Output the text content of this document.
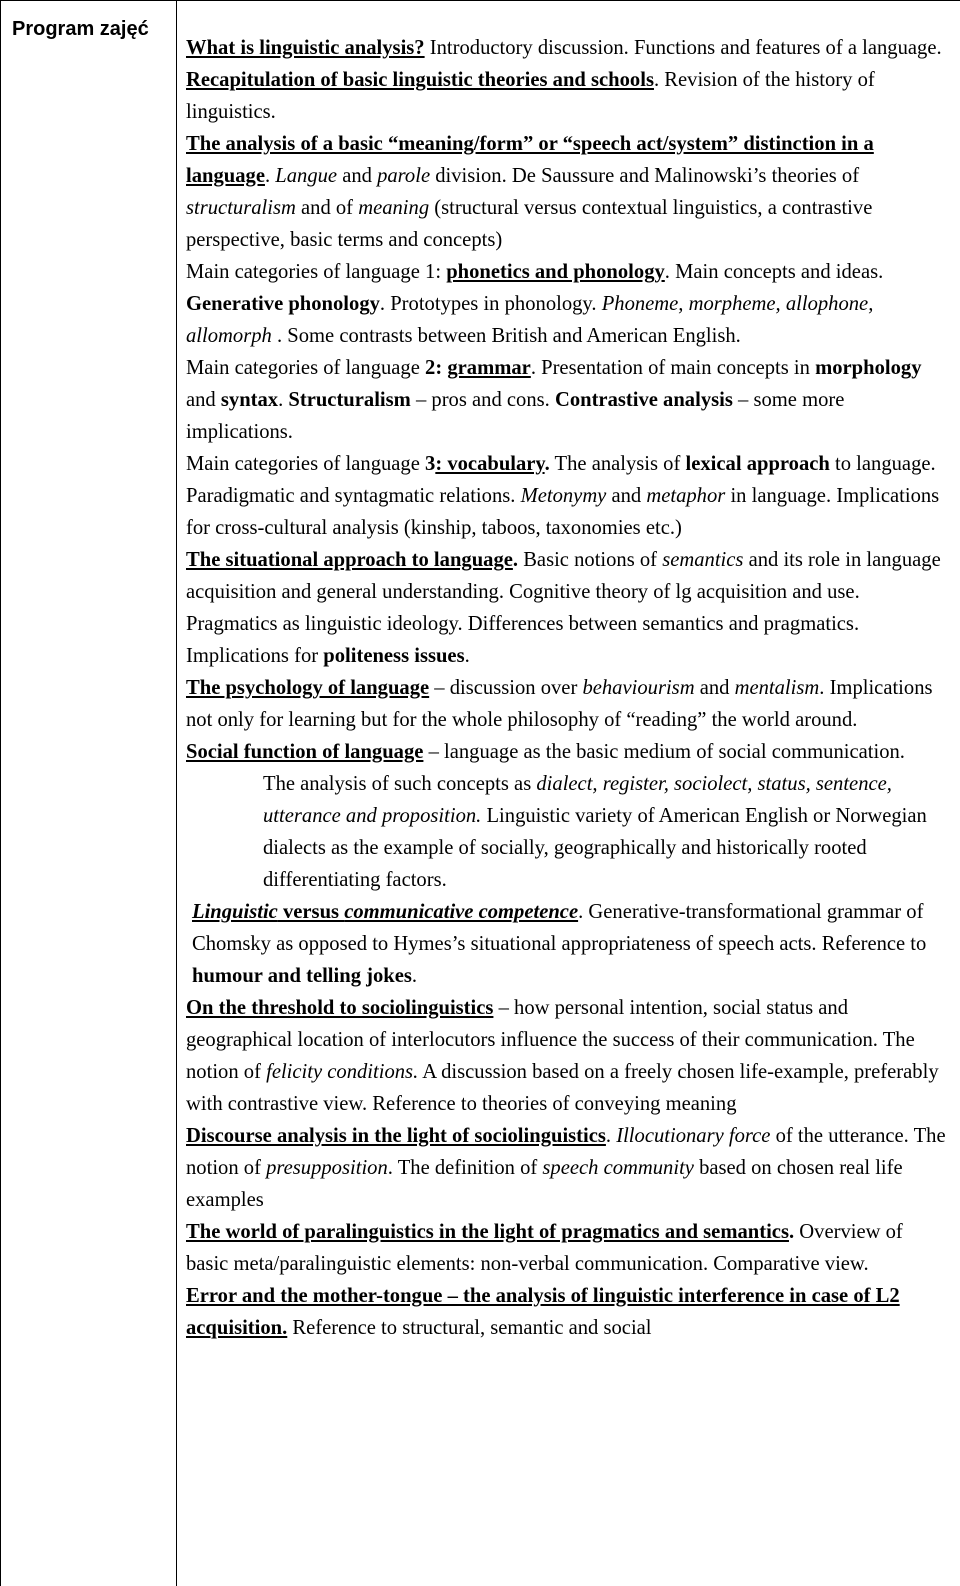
Program zajęć

What is linguistic analysis? Introductory discussion. Functions and features of a language.

Recapitulation of basic linguistic theories and schools. Revision of the history of linguistics.

The analysis of a basic “meaning/form” or “speech act/system” distinction in a language. Langue and parole division. De Saussure and Malinowski’s theories of structuralism and of meaning (structural versus contextual linguistics, a contrastive perspective, basic terms and concepts)

Main categories of language 1: phonetics and phonology. Main concepts and ideas. Generative phonology. Prototypes in phonology. Phoneme, morpheme, allophone, allomorph . Some contrasts between British and American English.

Main categories of language 2: grammar. Presentation of main concepts in morphology and syntax. Structuralism – pros and cons. Contrastive analysis – some more implications.

Main categories of language 3: vocabulary. The analysis of lexical approach to language. Paradigmatic and syntagmatic relations. Metonymy and metaphor in language. Implications for cross-cultural analysis (kinship, taboos, taxonomies etc.)

The situational approach to language. Basic notions of semantics and its role in language acquisition and general understanding. Cognitive theory of lg acquisition and use. Pragmatics as linguistic ideology. Differences between semantics and pragmatics. Implications for politeness issues.

The psychology of language – discussion over behaviourism and mentalism. Implications not only for learning but for the whole philosophy of “reading” the world around.

Social function of language – language as the basic medium of social communication.

The analysis of such concepts as dialect, register, sociolect, status, sentence, utterance and proposition. Linguistic variety of American English or Norwegian dialects as the example of socially, geographically and historically rooted differentiating factors.

Linguistic versus communicative competence. Generative-transformational grammar of Chomsky as opposed to Hymes’s situational appropriateness of speech acts. Reference to humour and telling jokes.

On the threshold to sociolinguistics – how personal intention, social status and geographical location of interlocutors influence the success of their communication. The notion of felicity conditions. A discussion based on a freely chosen life-example, preferably with contrastive view. Reference to theories of conveying meaning

Discourse analysis in the light of sociolinguistics. Illocutionary force of the utterance. The notion of presupposition. The definition of speech community based on chosen real life examples

The world of paralinguistics in the light of pragmatics and semantics. Overview of basic meta/paralinguistic elements: non-verbal communication. Comparative view.

Error and the mother-tongue – the analysis of linguistic interference in case of L2 acquisition. Reference to structural, semantic and social
